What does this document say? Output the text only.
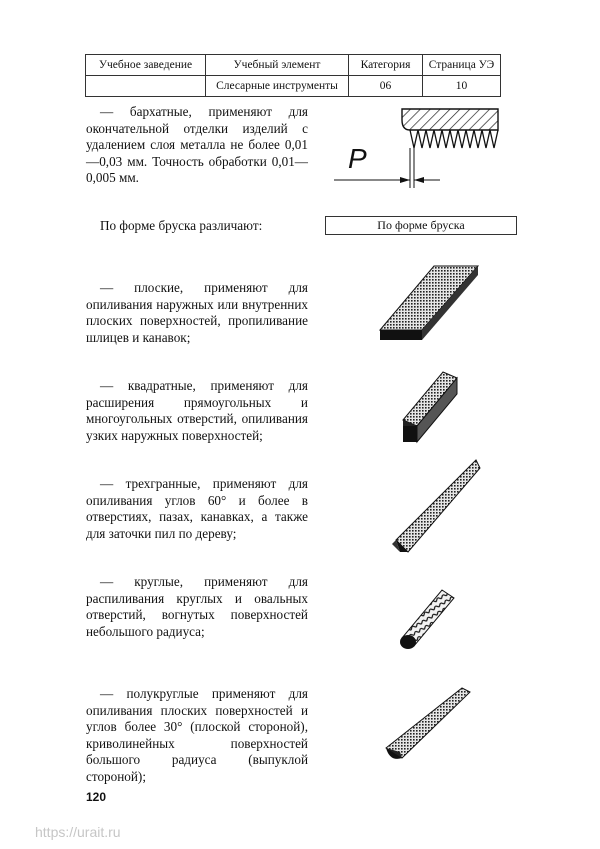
Учебное заведение	Учебный элемент	Категория	Страница УЭ
	Слесарные инструменты	06	10

— бархатные, применяют для окончательной отделки изделий с удалением слоя металла не более 0,01—0,03 мм. Точность обработки 0,01—0,005 мм.

P

По форме бруска различают:	По форме бруска

— плоские, применяют для опиливания наружных или внутренних плоских поверхностей, пропиливание шлицев и канавок;

— квадратные, применяют для расширения прямоугольных и многоугольных отверстий, опиливания узких наружных поверхностей;

— трехгранные, применяют для опиливания углов 60° и более в отверстиях, пазах, канавках, а также для заточки пил по дереву;

— круглые, применяют для распиливания круглых и овальных отверстий, вогнутых поверхностей небольшого радиуса;

— полукруглые применяют для опиливания плоских поверхностей и углов более 30° (плоской стороной), криволинейных поверхностей большого радиуса (выпуклой стороной);

120
https://urait.ru
